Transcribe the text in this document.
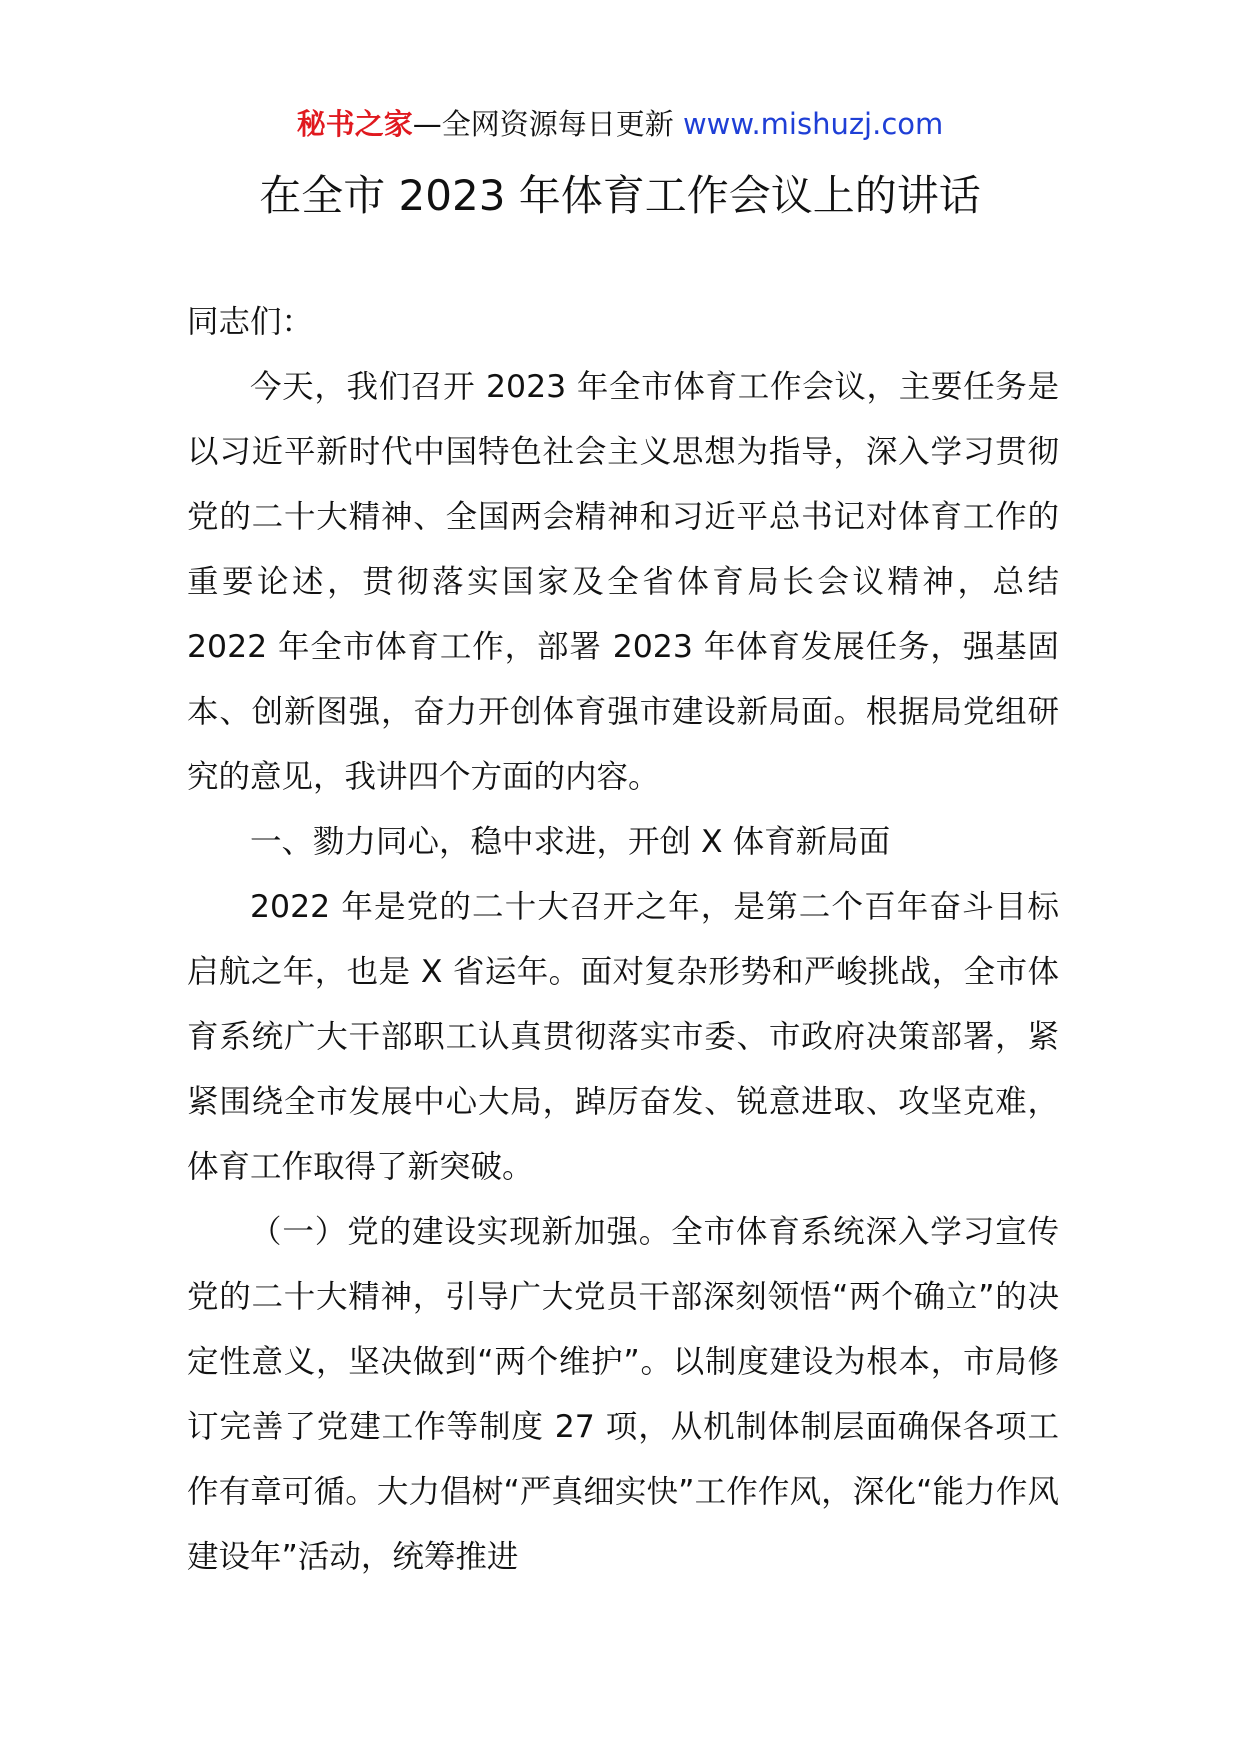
秘书之家—全网资源每日更新 www.mishuzj.com
在全市 2023 年体育工作会议上的讲话

同志们：

今天，我们召开 2023 年全市体育工作会议，主要任务是以习近平新时代中国特色社会主义思想为指导，深入学习贯彻党的二十大精神、全国两会精神和习近平总书记对体育工作的重要论述，贯彻落实国家及全省体育局长会议精神，总结 2022 年全市体育工作，部署 2023 年体育发展任务，强基固本、创新图强，奋力开创体育强市建设新局面。根据局党组研究的意见，我讲四个方面的内容。

一、勠力同心，稳中求进，开创 X 体育新局面

2022 年是党的二十大召开之年，是第二个百年奋斗目标启航之年，也是 X 省运年。面对复杂形势和严峻挑战，全市体育系统广大干部职工认真贯彻落实市委、市政府决策部署，紧紧围绕全市发展中心大局，踔厉奋发、锐意进取、攻坚克难，体育工作取得了新突破。

（一）党的建设实现新加强。全市体育系统深入学习宣传党的二十大精神，引导广大党员干部深刻领悟“两个确立”的决定性意义，坚决做到“两个维护”。以制度建设为根本，市局修订完善了党建工作等制度 27 项，从机制体制层面确保各项工作有章可循。大力倡树“严真细实快”工作作风，深化“能力作风建设年”活动，统筹推进
